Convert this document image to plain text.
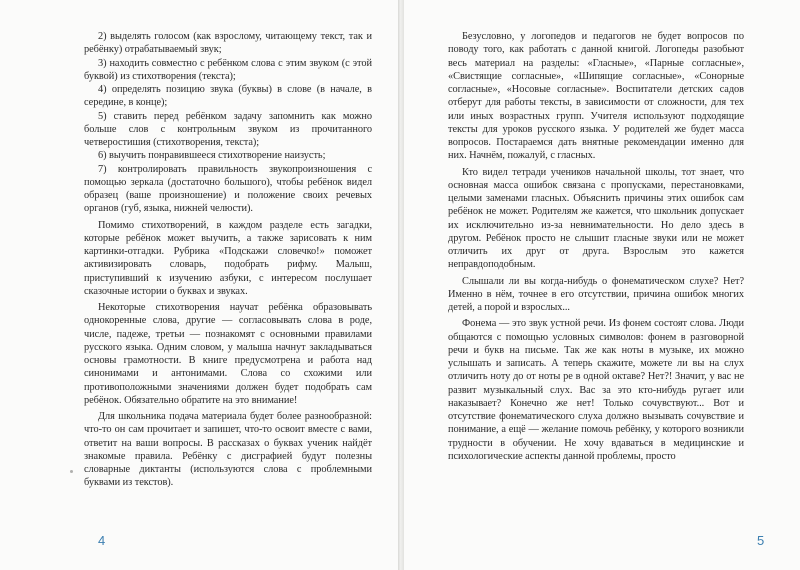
2) выделять голосом (как взрослому, читающему текст, так и ребёнку) отрабатываемый звук;

3) находить совместно с ребёнком слова с этим звуком (с этой буквой) из стихотворения (текста);

4) определять позицию звука (буквы) в слове (в начале, в середине, в конце);

5) ставить перед ребёнком задачу запомнить как можно больше слов с контрольным звуком из прочитанного четверостишия (стихотворения, текста);

6) выучить понравившееся стихотворение наизусть;

7) контролировать правильность звукопроизношения с помощью зеркала (достаточно большого), чтобы ребёнок видел образец (ваше произношение) и положение своих речевых органов (губ, языка, нижней челюсти).

Помимо стихотворений, в каждом разделе есть загадки, которые ребёнок может выучить, а также зарисовать к ним картинки-отгадки. Рубрика «Подскажи словечко!» поможет активизировать словарь, подобрать рифму. Малыш, приступивший к изучению азбуки, с интересом послушает сказочные истории о буквах и звуках.

Некоторые стихотворения научат ребёнка образовывать однокоренные слова, другие — согласовывать слова в роде, числе, падеже, третьи — познакомят с основными правилами русского языка. Одним словом, у малыша начнут закладываться основы грамотности. В книге предусмотрена и работа над синонимами и антонимами. Слова со схожими или противоположными значениями должен будет подобрать сам ребёнок. Обязательно обратите на это внимание!

Для школьника подача материала будет более разнообразной: что-то он сам прочитает и запишет, что-то освоит вместе с вами, ответит на ваши вопросы. В рассказах о буквах ученик найдёт знакомые правила. Ребёнку с дисграфией будут полезны словарные диктанты (используются слова с проблемными буквами из текстов).

Безусловно, у логопедов и педагогов не будет вопросов по поводу того, как работать с данной книгой. Логопеды разобьют весь материал на разделы: «Гласные», «Парные согласные», «Свистящие согласные», «Шипящие согласные», «Сонорные согласные», «Носовые согласные». Воспитатели детских садов отберут для работы тексты, в зависимости от сложности, для тех или иных возрастных групп. Учителя используют подходящие тексты для уроков русского языка. У родителей же будет масса вопросов. Постараемся дать внятные рекомендации именно для них. Начнём, пожалуй, с гласных.

Кто видел тетради учеников начальной школы, тот знает, что основная масса ошибок связана с пропусками, перестановками, целыми заменами гласных. Объяснить причины этих ошибок сам ребёнок не может. Родителям же кажется, что школьник допускает их исключительно из-за невнимательности. Но дело здесь в другом. Ребёнок просто не слышит гласные звуки или не может отличить их друг от друга. Взрослым это кажется неправдоподобным.

Слышали ли вы когда-нибудь о фонематическом слухе? Нет? Именно в нём, точнее в его отсутствии, причина ошибок многих детей, а порой и взрослых...

Фонема — это звук устной речи. Из фонем состоят слова. Люди общаются с помощью условных символов: фонем в разговорной речи и букв на письме. Так же как ноты в музыке, их можно услышать и записать. А теперь скажите, можете ли вы на слух отличить ноту до от ноты ре в одной октаве? Нет?! Значит, у вас не развит музыкальный слух. Вас за это кто-нибудь ругает или наказывает? Конечно же нет! Только сочувствуют... Вот и отсутствие фонематического слуха должно вызывать сочувствие и понимание, а ещё — желание помочь ребёнку, у которого возникли трудности в обучении. Не хочу вдаваться в медицинские и психологические аспекты данной проблемы, просто

4	5
